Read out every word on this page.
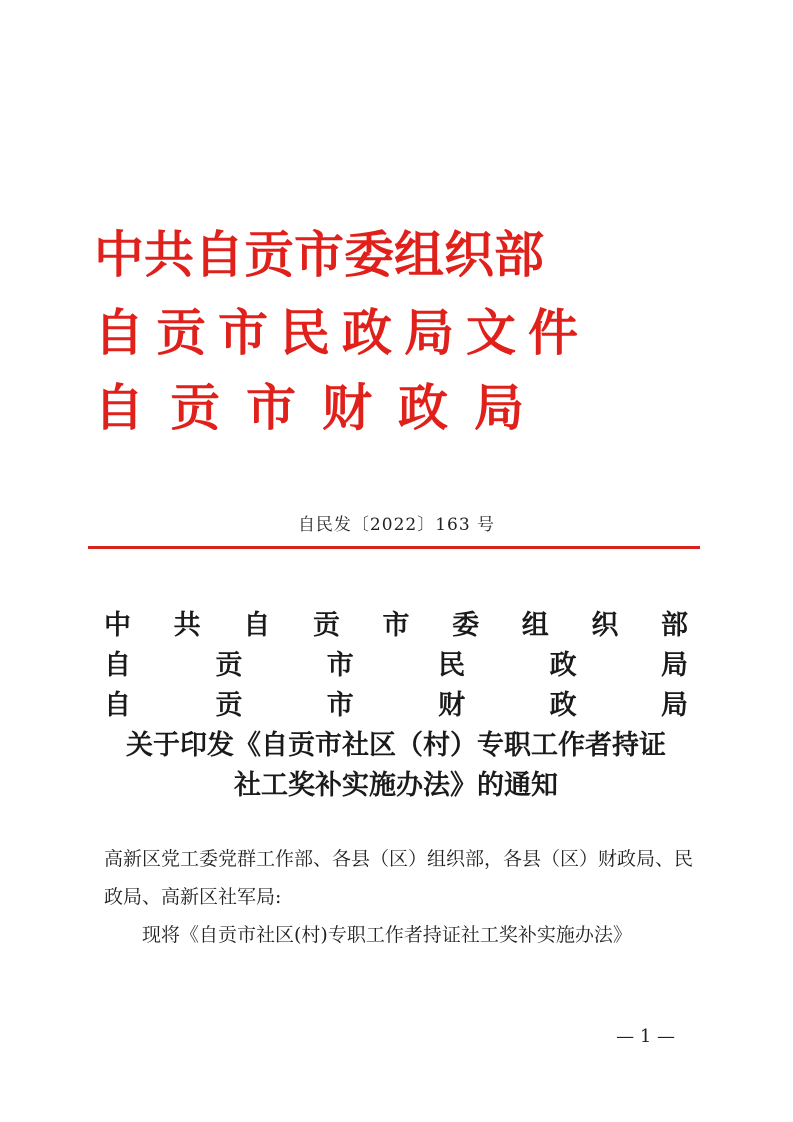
中共自贡市委组织部
自贡市民政局文件
自贡市财政局
自民发〔2022〕163 号
中 共 自 贡 市 委 组 织 部
自	贡	市	民	政	局
自	贡	市	财	政	局
关于印发《自贡市社区（村）专职工作者持证
社工奖补实施办法》的通知

高新区党工委党群工作部、各县（区）组织部，各县（区）财政局、民政局、高新区社军局:

现将《自贡市社区(村)专职工作者持证社工奖补实施办法》

— 1 —
